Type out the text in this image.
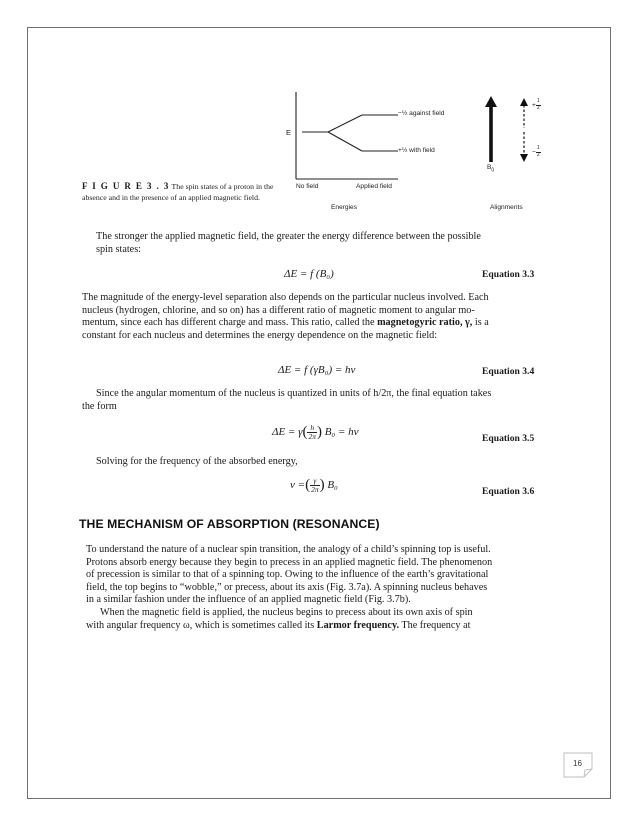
E
−½ against field
+½ with field
No field	Applied field
Energies	Alignments
$B_0$
+ $\frac{1}{2}$
− $\frac{1}{2}$
F I G U R E 3 . 3 The spin states of a proton in the absence and in the presence of an applied magnetic field.
The stronger the applied magnetic field, the greater the energy difference between the possible
spin states:
ΔE = f (B₀)	Equation 3.3
The magnitude of the energy-level separation also depends on the particular nucleus involved. Each
nucleus (hydrogen, chlorine, and so on) has a different ratio of magnetic moment to angular mo-
mentum, since each has different charge and mass. This ratio, called the magnetogyric ratio, γ, is a
constant for each nucleus and determines the energy dependence on the magnetic field:
ΔE = f (γB₀) = hν	Equation 3.4
Since the angular momentum of the nucleus is quantized in units of h/2π, the final equation takes
the form
$\Delta E = \gamma( \frac{h}{2\pi}$ ) B₀ = hν
Equation 3.5
Solving for the frequency of the absorbed energy,
ν =( $\frac{\gamma}{2\pi}$ ) B₀
Equation 3.6
THE MECHANISM OF ABSORPTION (RESONANCE)
To understand the nature of a nuclear spin transition, the analogy of a child’s spinning top is useful.
Protons absorb energy because they begin to precess in an applied magnetic field. The phenomenon
of precession is similar to that of a spinning top. Owing to the influence of the earth’s gravitational
field, the top begins to “wobble,” or precess, about its axis (Fig. 3.7a). A spinning nucleus behaves
in a similar fashion under the influence of an applied magnetic field (Fig. 3.7b).
When the magnetic field is applied, the nucleus begins to precess about its own axis of spin
with angular frequency ω, which is sometimes called its Larmor frequency. The frequency at
16
